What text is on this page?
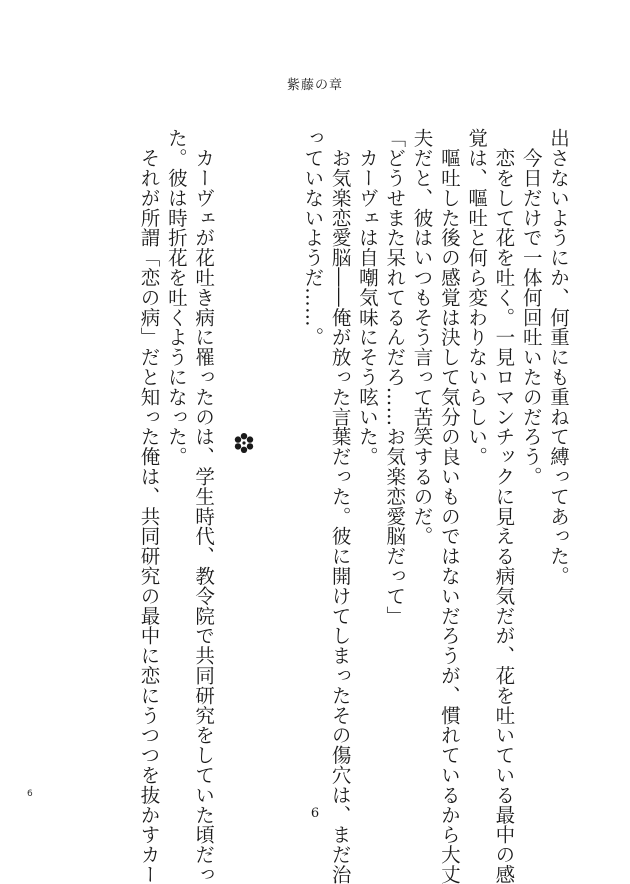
紫藤の章

出さないようにか、何重にも重ねて縛ってあった。

　今日だけで一体何回吐いたのだろう。

　恋をして花を吐く。一見ロマンチックに見える病気だが、花を吐いている最中の感

覚は、嘔吐と何ら変わりないらしい。

　嘔吐した後の感覚は決して気分の良いものではないだろうが、慣れているから大丈

夫だと、彼はいつもそう言って苦笑するのだ。

「どうせまた呆れてるんだろ……お気楽恋愛脳だって」

　カーヴェは自嘲気味にそう呟いた。

　お気楽恋愛脳――俺が放った言葉だった。彼に開けてしまったその傷穴は、まだ治

っていないようだ……。

　カーヴェが花吐き病に罹ったのは、学生時代、教令院で共同研究をしていた頃だっ

た。彼は時折花を吐くようになった。

　それが所謂「恋の病」だと知った俺は、共同研究の最中に恋にうつつを抜かすカー	6
6
